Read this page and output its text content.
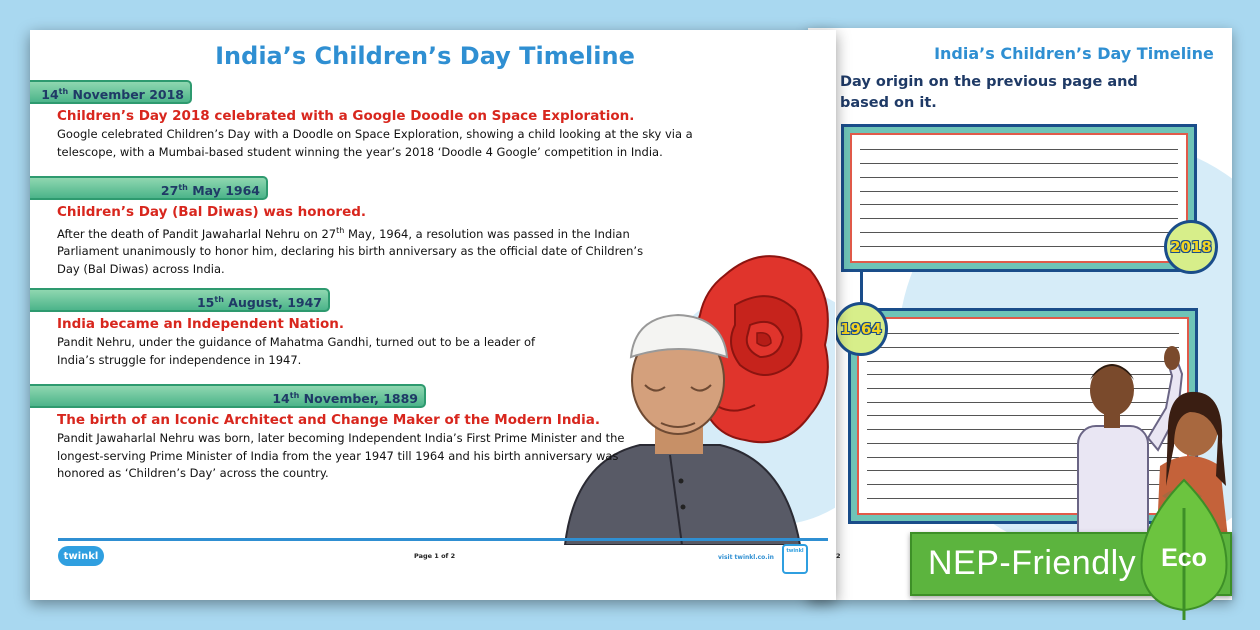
India’s Children’s Day Timeline
Day origin on the previous page and based on it.
2018
1964
2
India’s Children’s Day Timeline
14th November 2018
Children’s Day 2018 celebrated with a Google Doodle on Space Exploration.
Google celebrated Children’s Day with a Doodle on Space Exploration, showing a child looking at the sky via a telescope, with a Mumbai-based student winning the year’s 2018 ‘Doodle 4 Google’ competition in India.
27th May 1964
Children’s Day (Bal Diwas) was honored.
After the death of Pandit Jawaharlal Nehru on 27th May, 1964, a resolution was passed in the Indian Parliament unanimously to honor him, declaring his birth anniversary as the official date of Children’s Day (Bal Diwas) across India.
15th August, 1947
India became an Independent Nation.
Pandit Nehru, under the guidance of Mahatma Gandhi, turned out to be a leader of India’s struggle for independence in 1947.
14th November, 1889
The birth of an Iconic Architect and Change Maker of the Modern India.
Pandit Jawaharlal Nehru was born, later becoming Independent India’s First Prime Minister and the longest-serving Prime Minister of India from the year 1947 till 1964 and his birth anniversary was honored as ‘Children’s Day’ across the country.
twinkl	Page 1 of 2	visit twinkl.co.in
twinkl	NEP-Friendly Eco
